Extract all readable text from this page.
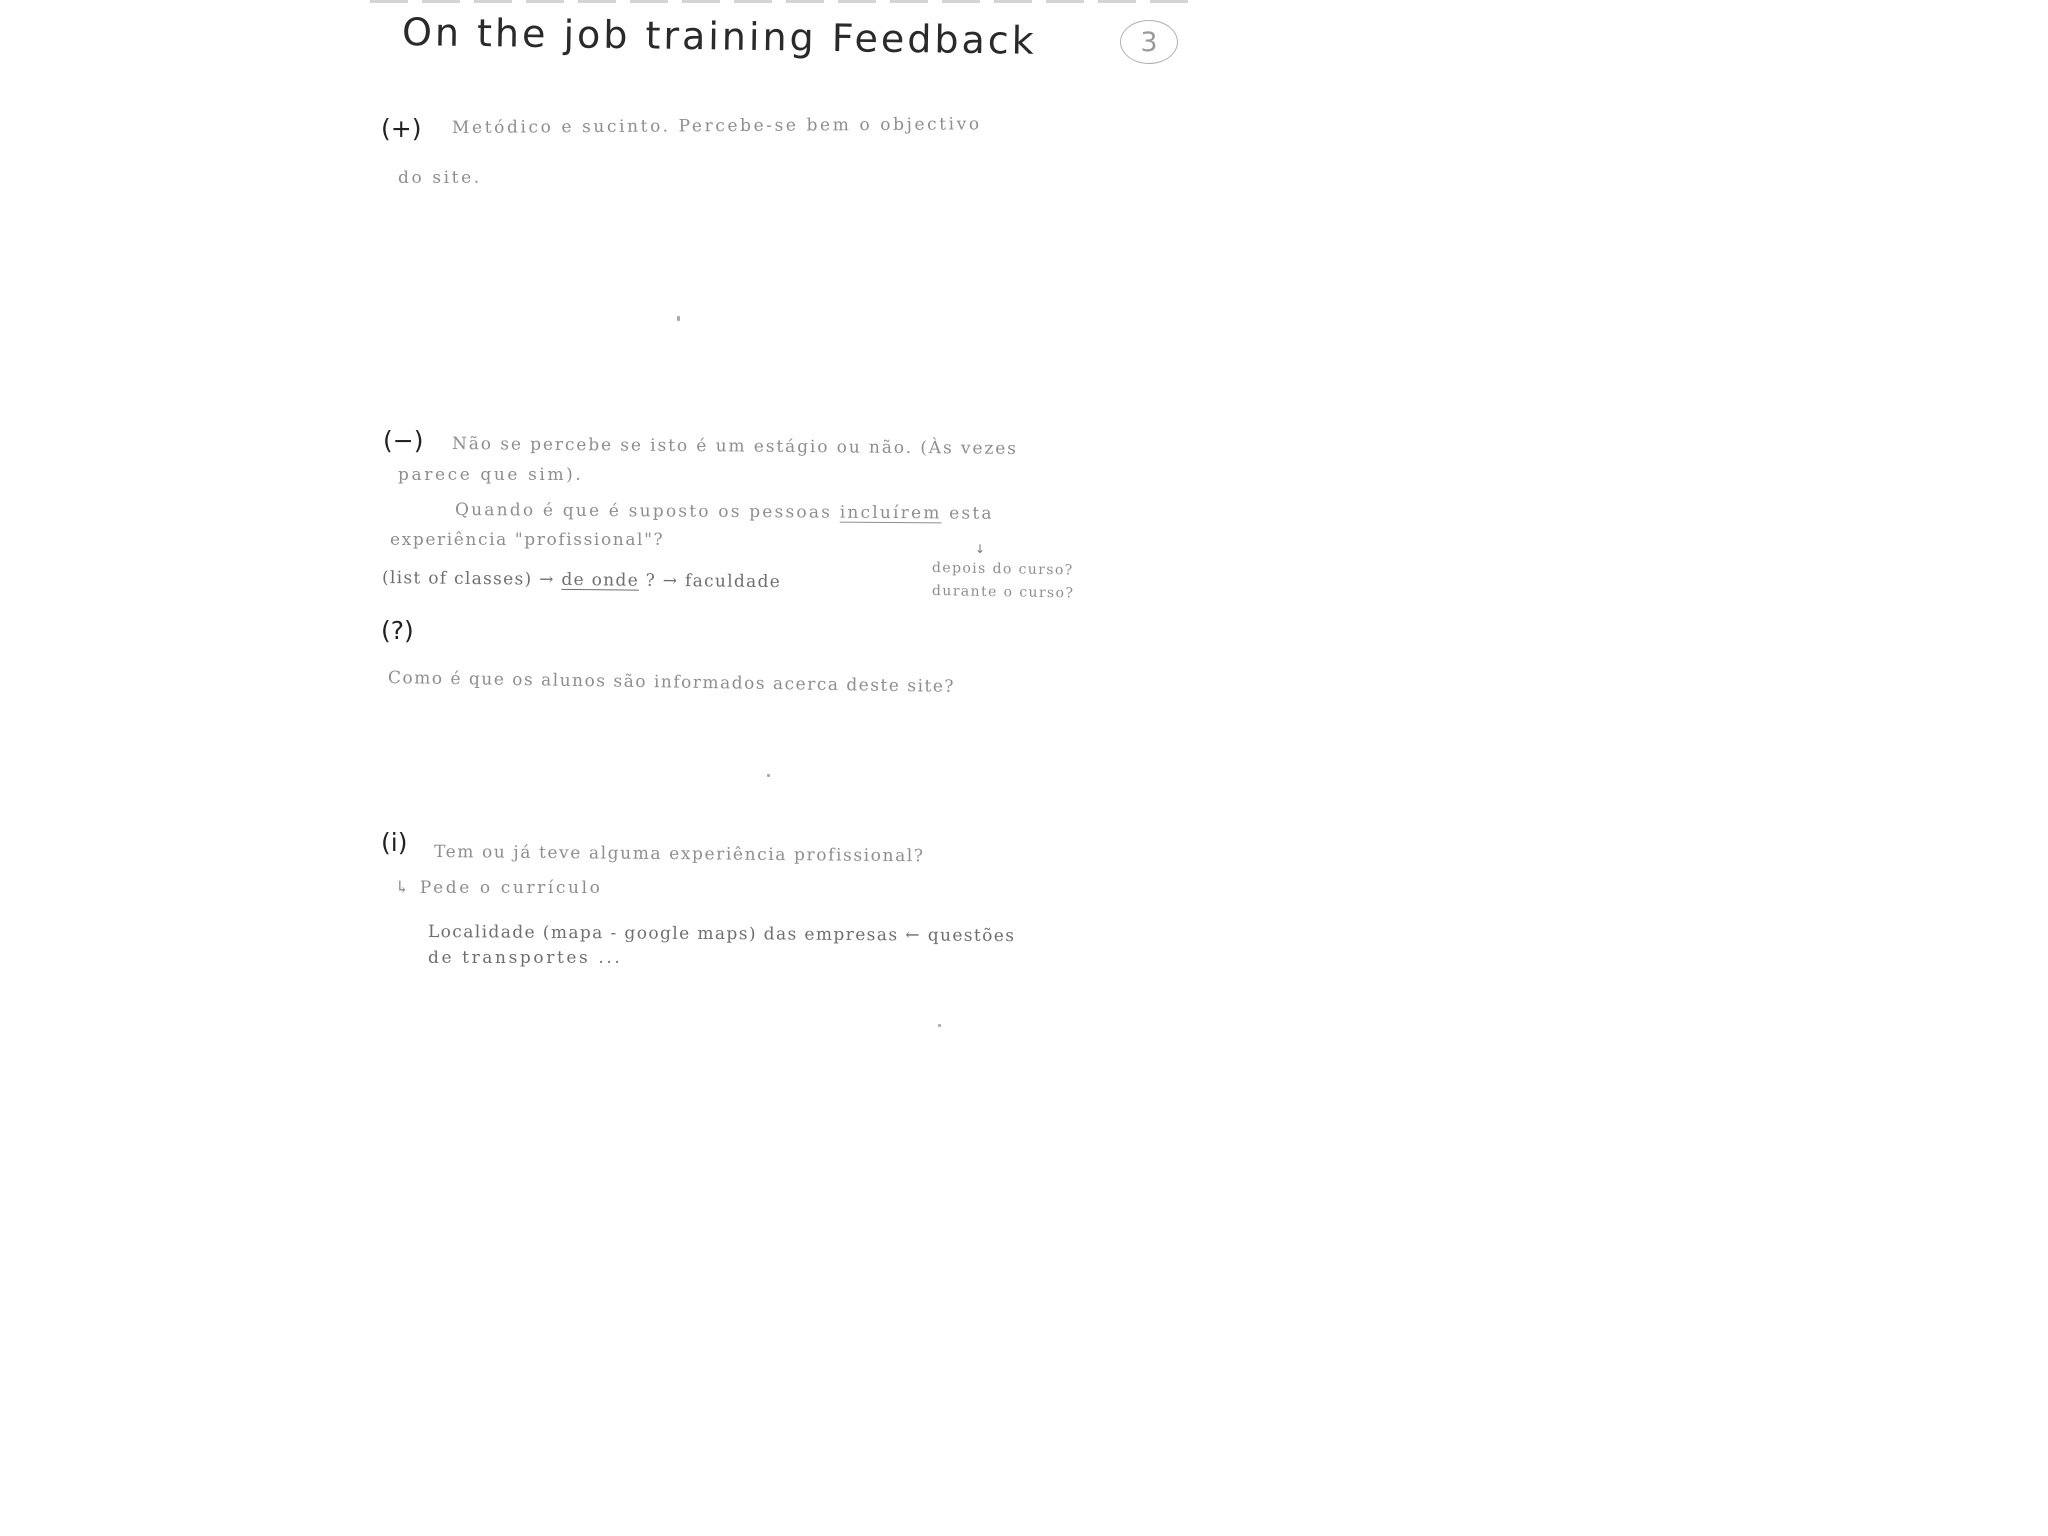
On the job training Feedback	3
(+) Metódico e sucinto. Percebe-se bem o objectivo
do site.
(−) Não se percebe se isto é um estágio ou não. (Às vezes
parece que sim).
Quando é que é suposto os pessoas incluírem esta
experiência "profissional"?	↓
(list of classes) → de onde ? → faculdade
depois do curso?
durante o curso?
(?)
Como é que os alunos são informados acerca deste site?
(i) Tem ou já teve alguma experiência profissional?
↳ Pede o currículo
Localidade (mapa - google maps) das empresas ← questões
de transportes ...
